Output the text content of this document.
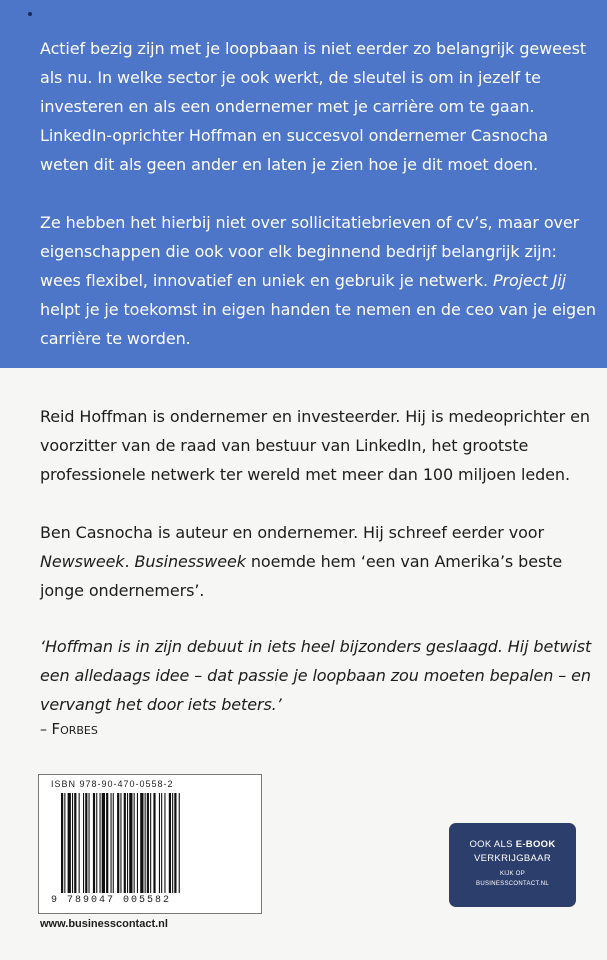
Actief bezig zijn met je loopbaan is niet eerder zo belangrijk geweest als nu. In welke sector je ook werkt, de sleutel is om in jezelf te investeren en als een ondernemer met je carrière om te gaan. LinkedIn-oprichter Hoffman en succesvol ondernemer Casnocha weten dit als geen ander en laten je zien hoe je dit moet doen.

Ze hebben het hierbij niet over sollicitatiebrieven of cv’s, maar over eigenschappen die ook voor elk beginnend bedrijf belangrijk zijn: wees flexibel, innovatief en uniek en gebruik je netwerk. Project Jij helpt je je toekomst in eigen handen te nemen en de ceo van je eigen carrière te worden.

Reid Hoffman is ondernemer en investeerder. Hij is medeoprichter en voorzitter van de raad van bestuur van LinkedIn, het grootste professionele netwerk ter wereld met meer dan 100 miljoen leden.

Ben Casnocha is auteur en ondernemer. Hij schreef eerder voor Newsweek. Businessweek noemde hem ‘een van Amerika’s beste jonge ondernemers’.

‘Hoffman is in zijn debuut in iets heel bijzonders geslaagd. Hij betwist een alledaags idee – dat passie je loopbaan zou moeten bepalen – en vervangt het door iets beters.’

– Forbes
ISBN 978-90-470-0558-2
9 789047 005582
www.businesscontact.nl
OOK ALS E-BOOK
VERKRIJGBAAR
KIJK OP
BUSINESSCONTACT.NL
